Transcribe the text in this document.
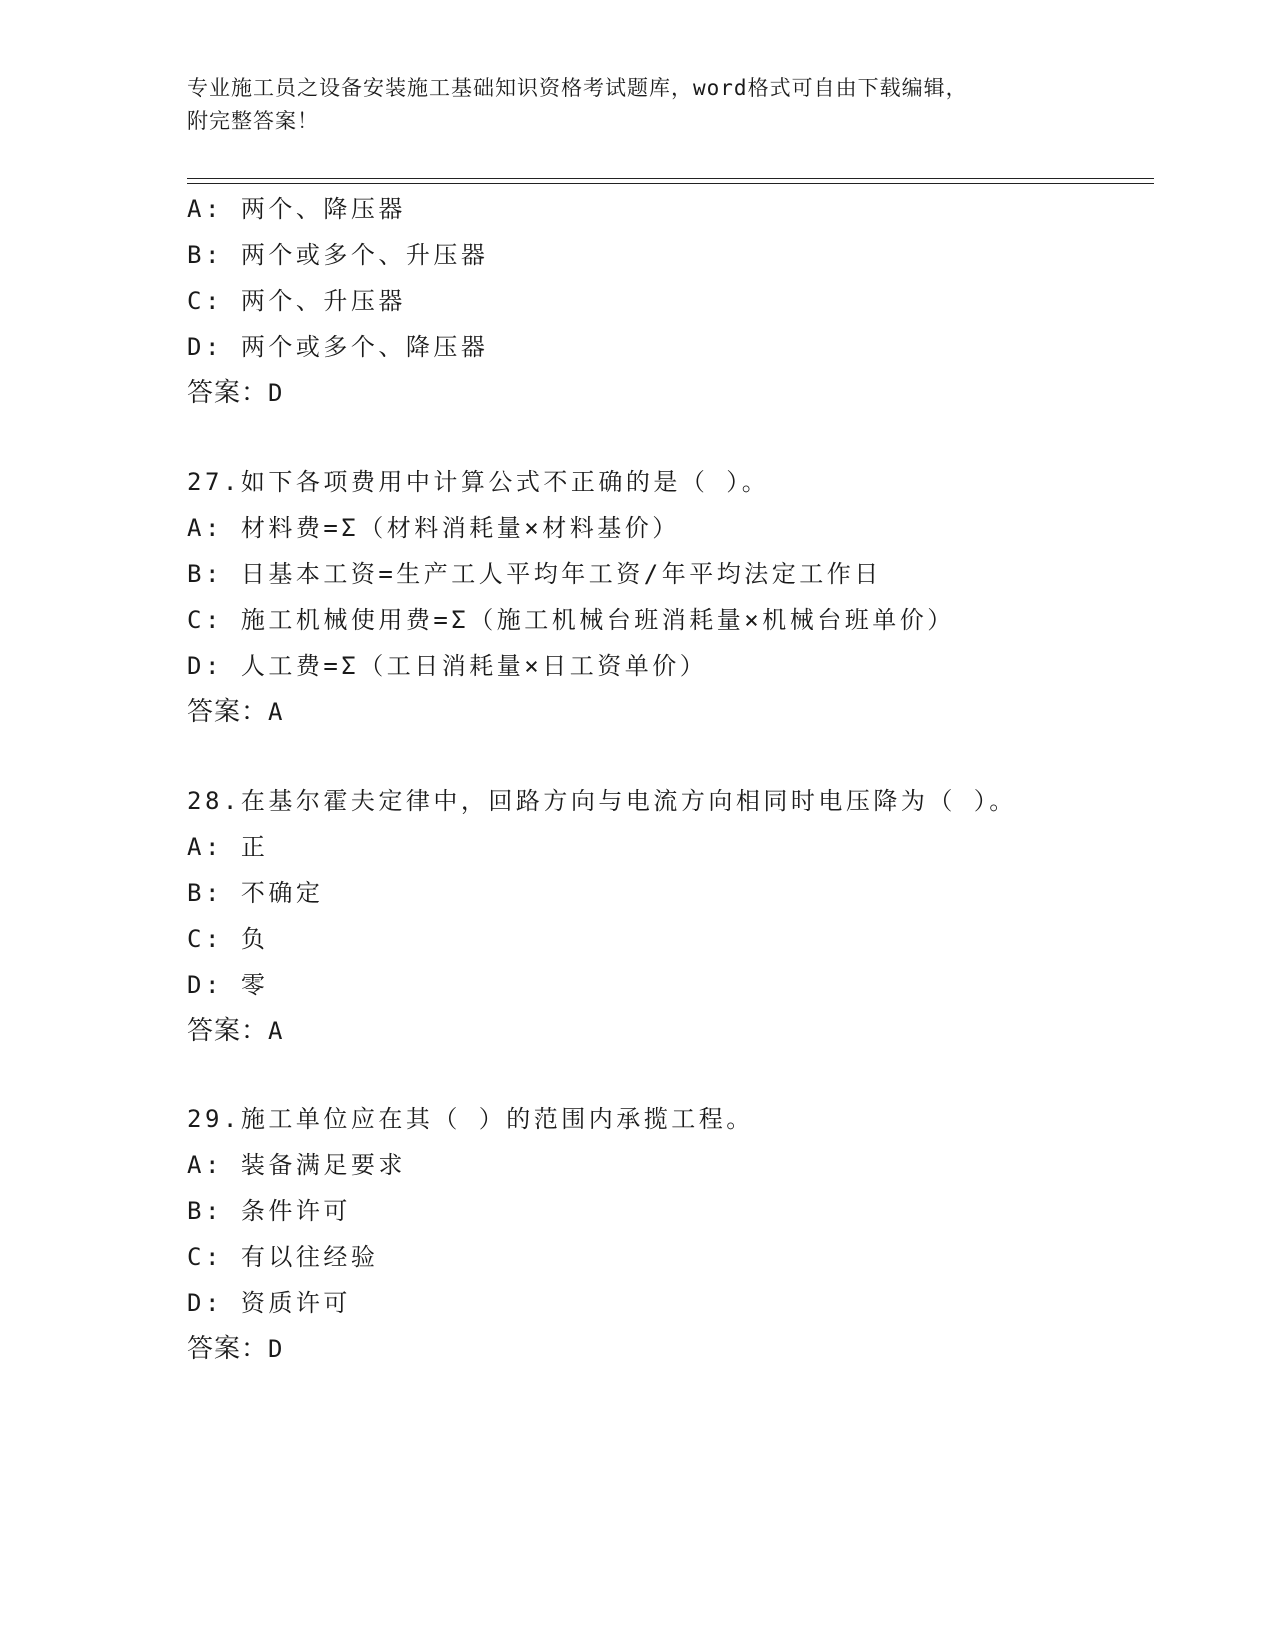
专业施工员之设备安装施工基础知识资格考试题库，word格式可自由下载编辑，
附完整答案！
A: 两个、降压器
B: 两个或多个、升压器
C: 两个、升压器
D: 两个或多个、降压器
答案：D
27.如下各项费用中计算公式不正确的是（ ）。
A: 材料费=Σ（材料消耗量×材料基价）
B: 日基本工资=生产工人平均年工资/年平均法定工作日
C: 施工机械使用费=Σ（施工机械台班消耗量×机械台班单价）
D: 人工费=Σ（工日消耗量×日工资单价）
答案：A
28.在基尔霍夫定律中，回路方向与电流方向相同时电压降为（ ）。
A: 正
B: 不确定
C: 负
D: 零
答案：A
29.施工单位应在其（ ）的范围内承揽工程。
A: 装备满足要求
B: 条件许可
C: 有以往经验
D: 资质许可
答案：D
